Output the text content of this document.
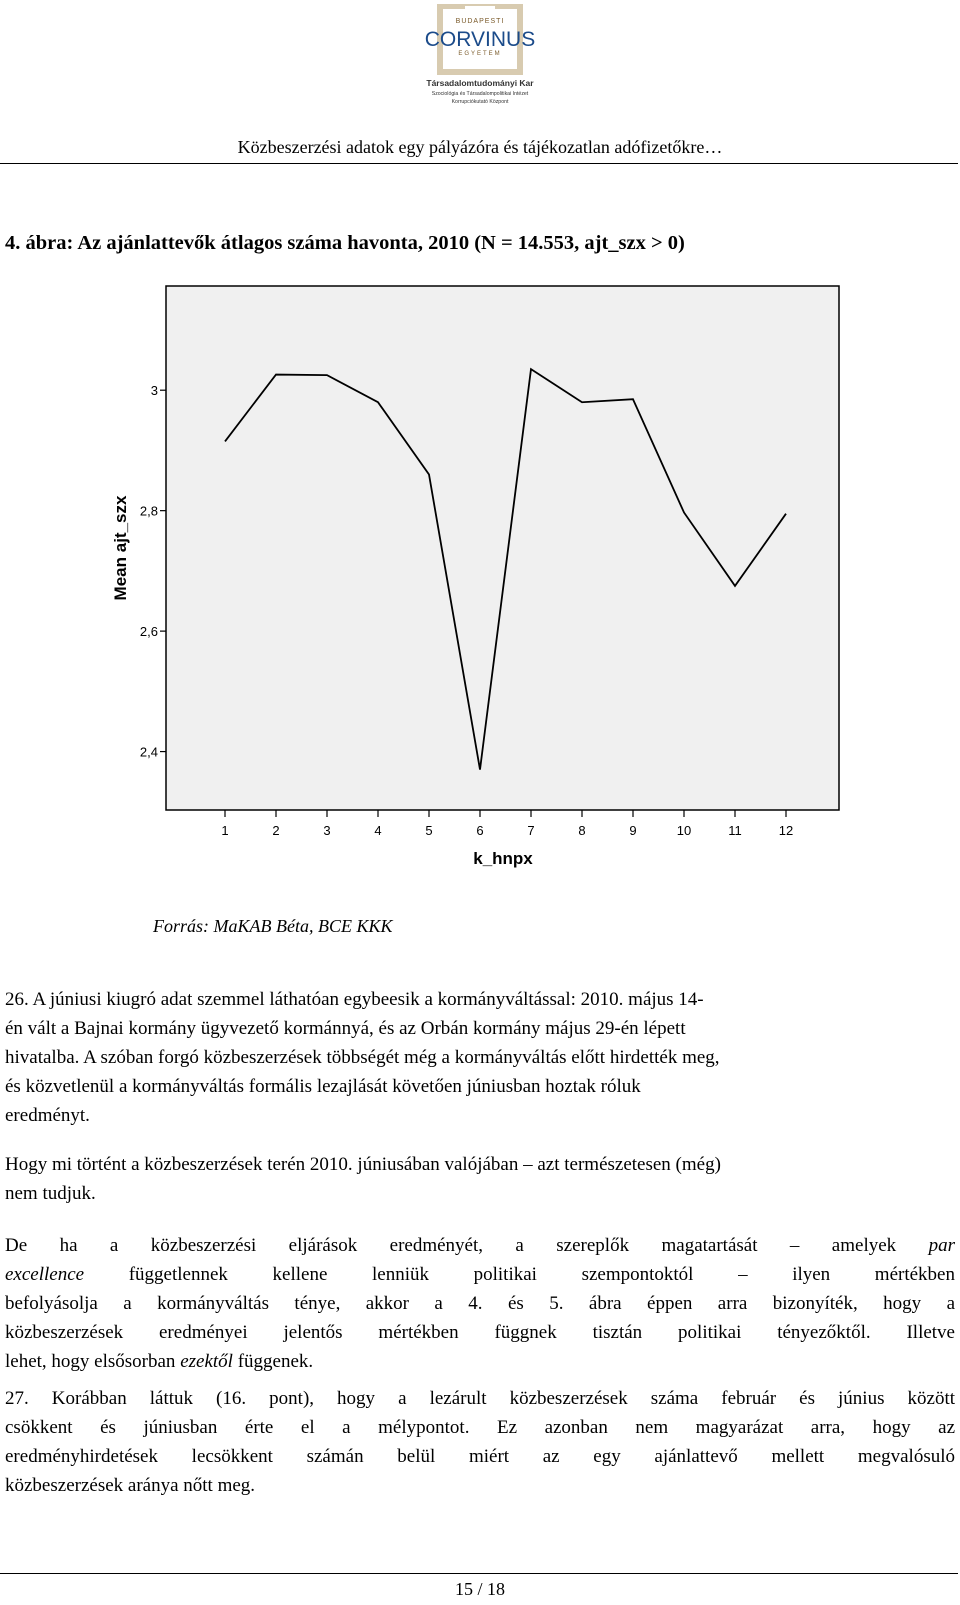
BUDAPESTI
CORVINUS
EGYETEM
Társadalomtudományi Kar
Szociológia és Társadalompolitikai Intézet
Korrupciókutató Központ
Közbeszerzési adatok egy pályázóra és tájékozatlan adófizetőkre…
4. ábra: Az ajánlattevők átlagos száma havonta, 2010 (N = 14.553, ajt_szx > 0)
2,4
2,6
2,8
3
1	2	3	4	5	6	7	8	9	10	11	12
k_hnpx
Mean ajt_szx
Forrás: MaKAB Béta, BCE KKK
26. A júniusi kiugró adat szemmel láthatóan egybeesik a kormányváltással: 2010. május 14-
én vált a Bajnai kormány ügyvezető kormánnyá, és az Orbán kormány május 29-én lépett
hivatalba. A szóban forgó közbeszerzések többségét még a kormányváltás előtt hirdették meg,
és közvetlenül a kormányváltás formális lezajlását követően júniusban hoztak róluk
eredményt.
Hogy mi történt a közbeszerzések terén 2010. júniusában valójában – azt természetesen (még)
nem tudjuk.
De ha a közbeszerzési eljárások eredményét, a szereplők magatartását – amelyek par
excellence függetlennek kellene lenniük politikai szempontoktól – ilyen mértékben
befolyásolja a kormányváltás ténye, akkor a 4. és 5. ábra éppen arra bizonyíték, hogy a
közbeszerzések eredményei jelentős mértékben függnek tisztán politikai tényezőktől. Illetve
lehet, hogy elsősorban ezektől függenek.
27. Korábban láttuk (16. pont), hogy a lezárult közbeszerzések száma február és június között
csökkent és júniusban érte el a mélypontot. Ez azonban nem magyarázat arra, hogy az
eredményhirdetések lecsökkent számán belül miért az egy ajánlattevő mellett megvalósuló
közbeszerzések aránya nőtt meg.
15 / 18
